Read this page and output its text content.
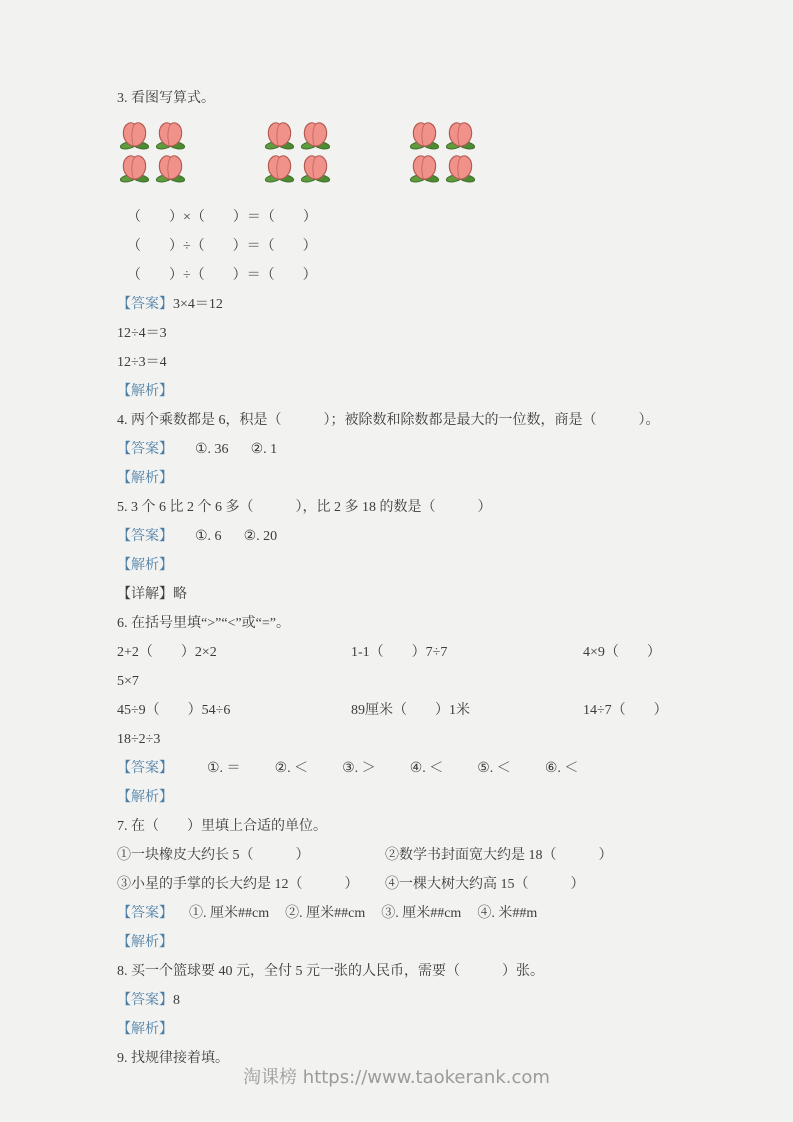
3. 看图写算式。

（　　）×（　　）＝（　　）

（　　）÷（　　）＝（　　）

（　　）÷（　　）＝（　　）

【答案】3×4＝12

12÷4＝3

12÷3＝4

【解析】

4. 两个乘数都是 6，积是（　　　）；被除数和除数都是最大的一位数，商是（　　　）。

【答案】 ①. 36 ②. 1

【解析】

5. 3 个 6 比 2 个 6 多（　　　），比 2 多 18 的数是（　　　）

【答案】 ①. 6 ②. 20

【解析】

【详解】略

6. 在括号里填“>”“<”或“=”。

2+2（　　）2×2	1-1（　　）7÷7	4×9（　　）

5×7

45÷9（　　）54÷6	89厘米（　　）1米	14÷7（　　）

18÷2÷3

【答案】 ①. ＝ ②. ＜ ③. ＞ ④. ＜ ⑤. ＜ ⑥. ＜

【解析】

7. 在（　　）里填上合适的单位。

①一块橡皮大约长 5（　　　）	②数学书封面宽大约是 18（　　　）

③小星的手掌的长大约是 12（　　　）	④一棵大树大约高 15（　　　）

【答案】 ①. 厘米##cm ②. 厘米##cm ③. 厘米##cm ④. 米##m

【解析】

8. 买一个篮球要 40 元，全付 5 元一张的人民币，需要（　　　）张。

【答案】8

【解析】

9. 找规律接着填。

淘课榜 https://www.taokerank.com
